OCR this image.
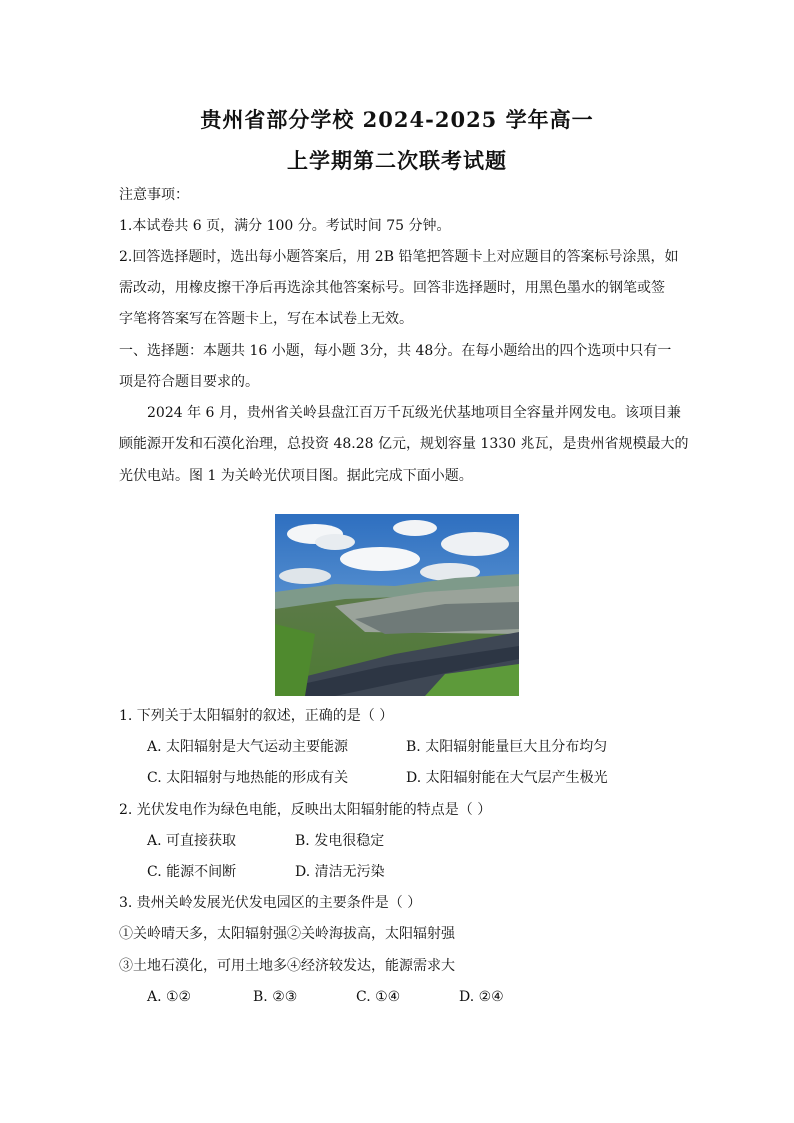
贵州省部分学校 2024-2025 学年高一
上学期第二次联考试题
注意事项：
1.本试卷共 6 页，满分 100 分。考试时间 75 分钟。
2.回答选择题时，选出每小题答案后，用 2B 铅笔把答题卡上对应题目的答案标号涂黑，如
需改动，用橡皮擦干净后再选涂其他答案标号。回答非选择题时，用黑色墨水的钢笔或签
字笔将答案写在答题卡上，写在本试卷上无效。
一、选择题：本题共 16 小题，每小题 3分，共 48分。在每小题给出的四个选项中只有一
项是符合题目要求的。
2024 年 6 月，贵州省关岭县盘江百万千瓦级光伏基地项目全容量并网发电。该项目兼
顾能源开发和石漠化治理，总投资 48.28 亿元，规划容量 1330 兆瓦，是贵州省规模最大的
光伏电站。图 1 为关岭光伏项目图。据此完成下面小题。
1. 下列关于太阳辐射的叙述，正确的是（ ）
A. 太阳辐射是大气运动主要能源	B. 太阳辐射能量巨大且分布均匀
C. 太阳辐射与地热能的形成有关	D. 太阳辐射能在大气层产生极光
2. 光伏发电作为绿色电能，反映出太阳辐射能的特点是（ ）
A. 可直接获取	B. 发电很稳定
C. 能源不间断	D. 清洁无污染
3. 贵州关岭发展光伏发电园区的主要条件是（ ）
①关岭晴天多，太阳辐射强②关岭海拔高，太阳辐射强
③土地石漠化，可用土地多④经济较发达，能源需求大
A. ①②	B. ②③	C. ①④	D. ②④
